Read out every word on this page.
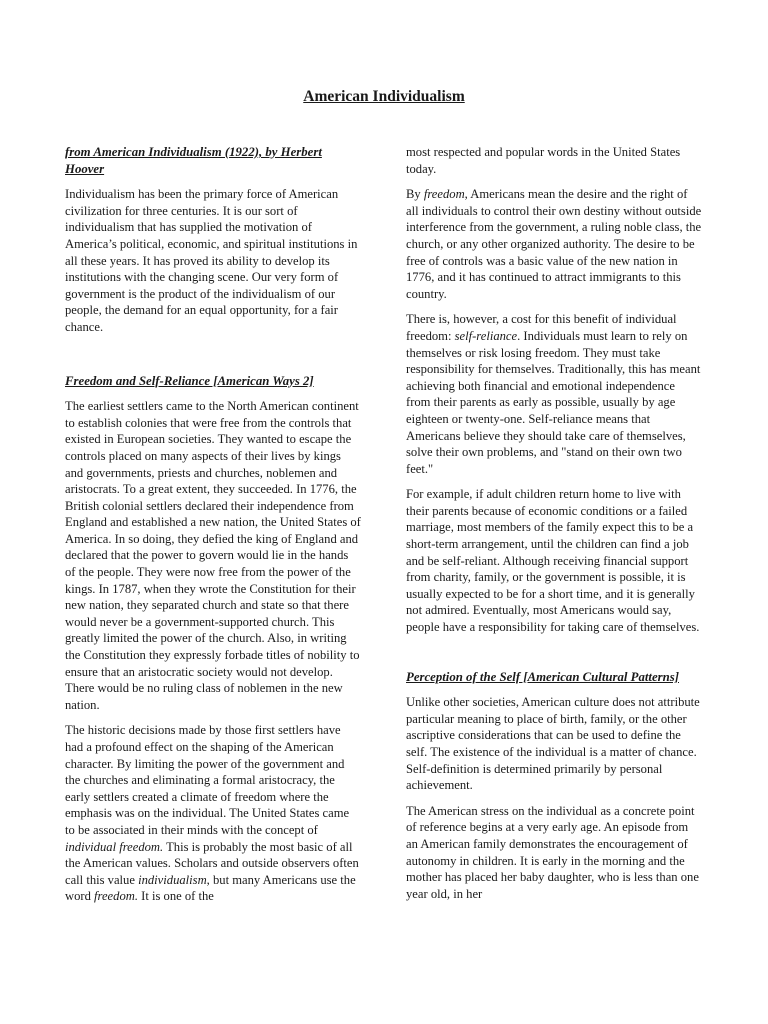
American Individualism

from American Individualism (1922), by Herbert Hoover

Individualism has been the primary force of American civilization for three centuries. It is our sort of individualism that has supplied the motivation of America’s political, economic, and spiritual institutions in all these years. It has proved its ability to develop its institutions with the changing scene. Our very form of government is the product of the individualism of our people, the demand for an equal opportunity, for a fair chance.

Freedom and Self-Reliance [American Ways 2]

The earliest settlers came to the North American continent to establish colonies that were free from the controls that existed in European societies. They wanted to escape the controls placed on many aspects of their lives by kings and governments, priests and churches, noblemen and aristocrats. To a great extent, they succeeded. In 1776, the British colonial settlers declared their independence from England and established a new nation, the United States of America. In so doing, they defied the king of England and declared that the power to govern would lie in the hands of the people. They were now free from the power of the kings. In 1787, when they wrote the Constitution for their new nation, they separated church and state so that there would never be a government-supported church. This greatly limited the power of the church. Also, in writing the Constitution they expressly forbade titles of nobility to ensure that an aristocratic society would not develop. There would be no ruling class of noblemen in the new nation.

The historic decisions made by those first settlers have had a profound effect on the shaping of the American character. By limiting the power of the government and the churches and eliminating a formal aristocracy, the early settlers created a climate of freedom where the emphasis was on the individual. The United States came to be associated in their minds with the concept of individual freedom. This is probably the most basic of all the American values. Scholars and outside observers often call this value individualism, but many Americans use the word freedom. It is one of the

most respected and popular words in the United States today.

By freedom, Americans mean the desire and the right of all individuals to control their own destiny without outside interference from the government, a ruling noble class, the church, or any other organized authority. The desire to be free of controls was a basic value of the new nation in 1776, and it has continued to attract immigrants to this country.

There is, however, a cost for this benefit of individual freedom: self-reliance. Individuals must learn to rely on themselves or risk losing freedom. They must take responsibility for themselves. Traditionally, this has meant achieving both financial and emotional independence from their parents as early as possible, usually by age eighteen or twenty-one. Self-reliance means that Americans believe they should take care of themselves, solve their own problems, and "stand on their own two feet."

For example, if adult children return home to live with their parents because of economic conditions or a failed marriage, most members of the family expect this to be a short-term arrangement, until the children can find a job and be self-reliant. Although receiving financial support from charity, family, or the government is possible, it is usually expected to be for a short time, and it is generally not admired. Eventually, most Americans would say, people have a responsibility for taking care of themselves.

Perception of the Self [American Cultural Patterns]

Unlike other societies, American culture does not attribute particular meaning to place of birth, family, or the other ascriptive considerations that can be used to define the self. The existence of the individual is a matter of chance. Self-definition is determined primarily by personal achievement.

The American stress on the individual as a concrete point of reference begins at a very early age. An episode from an American family demonstrates the encouragement of autonomy in children. It is early in the morning and the mother has placed her baby daughter, who is less than one year old, in her
